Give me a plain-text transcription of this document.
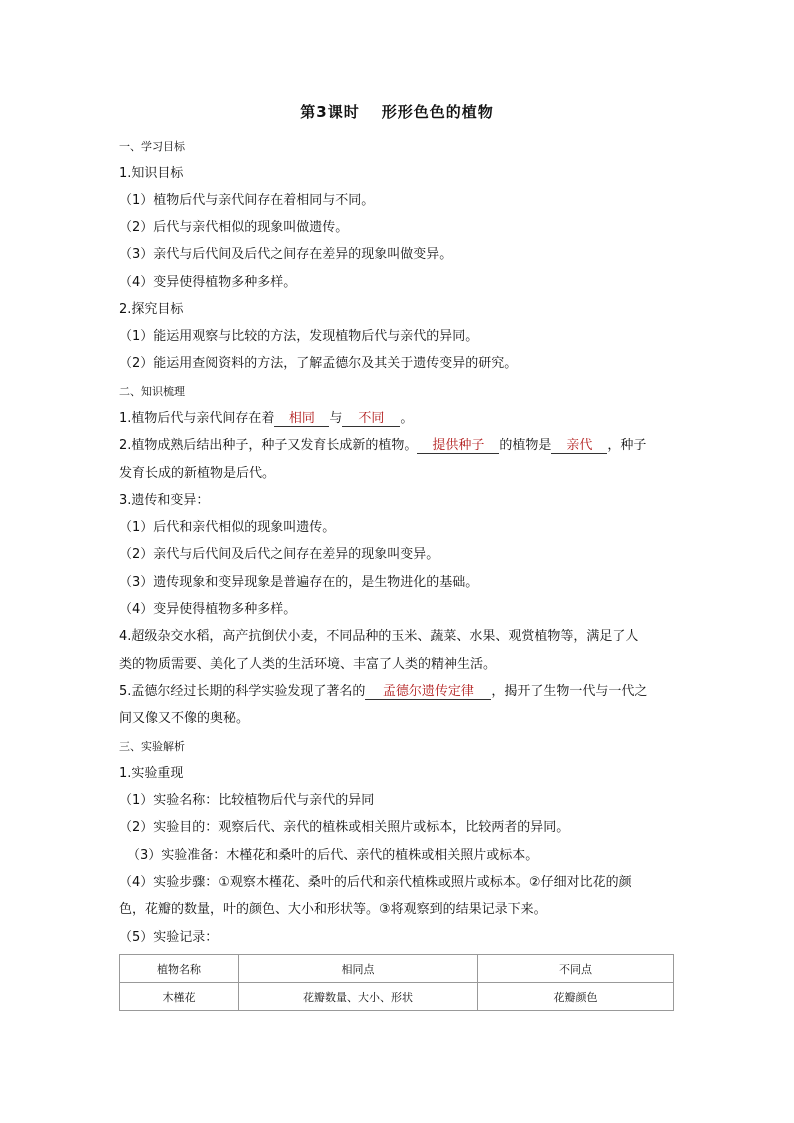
第3课时 形形色色的植物
一、学习目标
1.知识目标
（1）植物后代与亲代间存在着相同与不同。
（2）后代与亲代相似的现象叫做遗传。
（3）亲代与后代间及后代之间存在差异的现象叫做变异。
（4）变异使得植物多种多样。
2.探究目标
（1）能运用观察与比较的方法，发现植物后代与亲代的异同。
（2）能运用查阅资料的方法，了解孟德尔及其关于遗传变异的研究。
二、知识梳理
1.植物后代与亲代间存在着 相同 与 不同 。
2.植物成熟后结出种子，种子又发育长成新的植物。 提供种子 的植物是 亲代 ，种子
发育长成的新植物是后代。
3.遗传和变异：
（1）后代和亲代相似的现象叫遗传。
（2）亲代与后代间及后代之间存在差异的现象叫变异。
（3）遗传现象和变异现象是普遍存在的，是生物进化的基础。
（4）变异使得植物多种多样。
4.超级杂交水稻，高产抗倒伏小麦，不同品种的玉米、蔬菜、水果、观赏植物等，满足了人
类的物质需要、美化了人类的生活环境、丰富了人类的精神生活。
5.孟德尔经过长期的科学实验发现了著名的 孟德尔遗传定律 ，揭开了生物一代与一代之
间又像又不像的奥秘。
三、实验解析
1.实验重现
（1）实验名称：比较植物后代与亲代的异同
（2）实验目的：观察后代、亲代的植株或相关照片或标本，比较两者的异同。
（3）实验准备：木槿花和桑叶的后代、亲代的植株或相关照片或标本。
（4）实验步骤：①观察木槿花、桑叶的后代和亲代植株或照片或标本。②仔细对比花的颜
色，花瓣的数量，叶的颜色、大小和形状等。③将观察到的结果记录下来。
（5）实验记录：
植物名称	相同点	不同点
木槿花	花瓣数量、大小、形状	花瓣颜色
